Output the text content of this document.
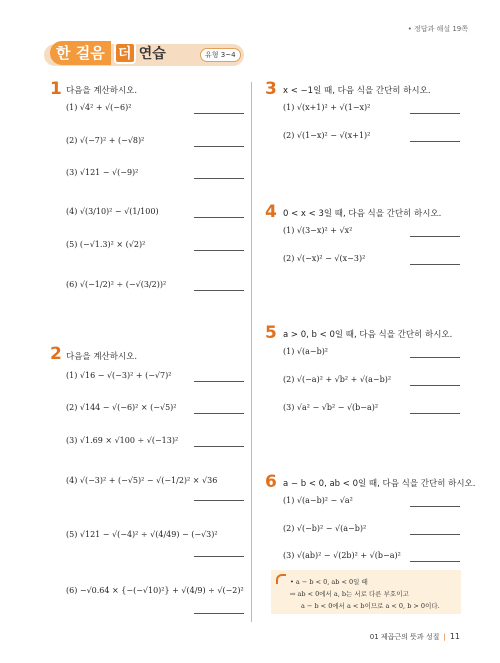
• 정답과 해설 19쪽
한 걸음 더 연습	유형 3~4
1 다음을 계산하시오.
(1) √4² + √(−6)²
(2) √(−7)² + (−√8)²
(3) √121 − √(−9)²
(4) √(3/10)² − √(1/100)
(5) (−√1.3)² × (√2)²
(6) √(−1/2)² ÷ (−√(3/2))²
2 다음을 계산하시오.
(1) √16 − √(−3)² + (−√7)²
(2) √144 − √(−6)² × (−√5)²
(3) √1.69 × √100 ÷ √(−13)²
(4) √(−3)² + (−√5)² − √(−1/2)² × √36
(5) √121 − √(−4)² ÷ √(4/49) − (−√3)²
(6) −√0.64 × {−(−√10)²} + √(4/9) ÷ √(−2)²
3 x < −1일 때, 다음 식을 간단히 하시오.
(1) √(x+1)² + √(1−x)²
(2) √(1−x)² − √(x+1)²
4 0 < x < 3일 때, 다음 식을 간단히 하시오.
(1) √(3−x)² + √x²
(2) √(−x)² − √(x−3)²
5 a > 0, b < 0일 때, 다음 식을 간단히 하시오.
(1) √(a−b)²
(2) √(−a)² + √b² + √(a−b)²
(3) √a² − √b² − √(b−a)²
6 a − b < 0, ab < 0일 때, 다음 식을 간단히 하시오.
(1) √(a−b)² − √a²
(2) √(−b)² − √(a−b)²
(3) √(ab)² − √(2b)² + √(b−a)²
• a − b < 0, ab < 0일 때
⇨ ab < 0에서 a, b는 서로 다른 부호이고
a − b < 0에서 a < b이므로 a < 0, b > 0이다.
01 제곱근의 뜻과 성질 | 11
